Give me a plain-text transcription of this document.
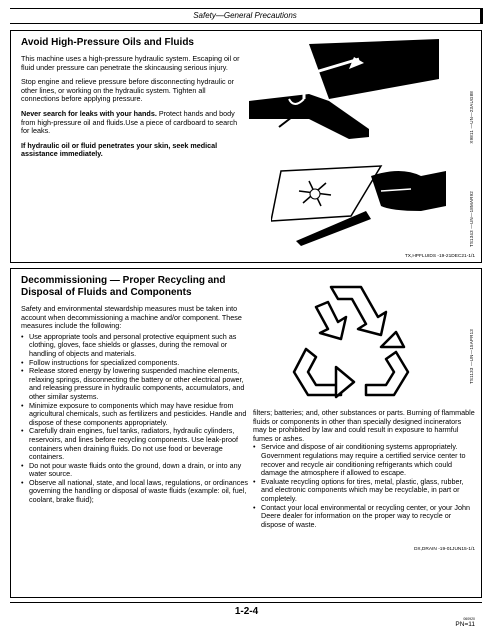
Safety—General Precautions
Avoid High-Pressure Oils and Fluids

This machine uses a high-pressure hydraulic system. Escaping oil or fluid under pressure can penetrate the skincausing serious injury.

Stop engine and relieve pressure before disconnecting hydraulic or other lines, or working on the hydraulic system. Tighten all connections before applying pressure.

Never search for leaks with your hands. Protect hands and body from high-pressure oil and fluids.Use a piece of cardboard to search for leaks.

If hydraulic oil or fluid penetrates your skin, seek medical assistance immediately.

X9811 —UN—23AUG88
TS1343 —UN—18MAR92
TX,HPFLUIDS -19-21DEC21-1/1
Decommissioning — Proper Recycling and
Disposal of Fluids and Components

Safety and environmental stewardship measures must be taken into account when decommissioning a machine and/or component. These measures include the following:

• Use appropriate tools and personal protective equipment such as clothing, gloves, face shields or glasses, during the removal or handling of objects and materials.
• Follow instructions for specialized components.
• Release stored energy by lowering suspended machine elements, relaxing springs, disconnecting the battery or other electrical power, and releasing pressure in hydraulic components, accumulators, and other similar systems.
• Minimize exposure to components which may have residue from agricultural chemicals, such as fertilizers and pesticides. Handle and dispose of these components appropriately.
• Carefully drain engines, fuel tanks, radiators, hydraulic cylinders, reservoirs, and lines before recycling components. Use leak-proof containers when draining fluids. Do not use food or beverage containers.
• Do not pour waste fluids onto the ground, down a drain, or into any water source.
• Observe all national, state, and local laws, regulations, or ordinances governing the handling or disposal of waste fluids (example: oil, fuel, coolant, brake fluid);
TS1133 —UN—15APR13

filters; batteries; and, other substances or parts. Burning of flammable fluids or components in other than specially designed incinerators may be prohibited by law and could result in exposure to harmful fumes or ashes.

• Service and dispose of air conditioning systems appropriately. Government regulations may require a certified service center to recover and recycle air conditioning refrigerants which could damage the atmosphere if allowed to escape.
• Evaluate recycling options for tires, metal, plastic, glass, rubber, and electronic components which may be recyclable, in part or completely.
• Contact your local environmental or recycling center, or your John Deere dealer for information on the proper way to recycle or dispose of waste.
DX,DRAIN -19-01JUN15-1/1
1-2-4
060920
PN=11
